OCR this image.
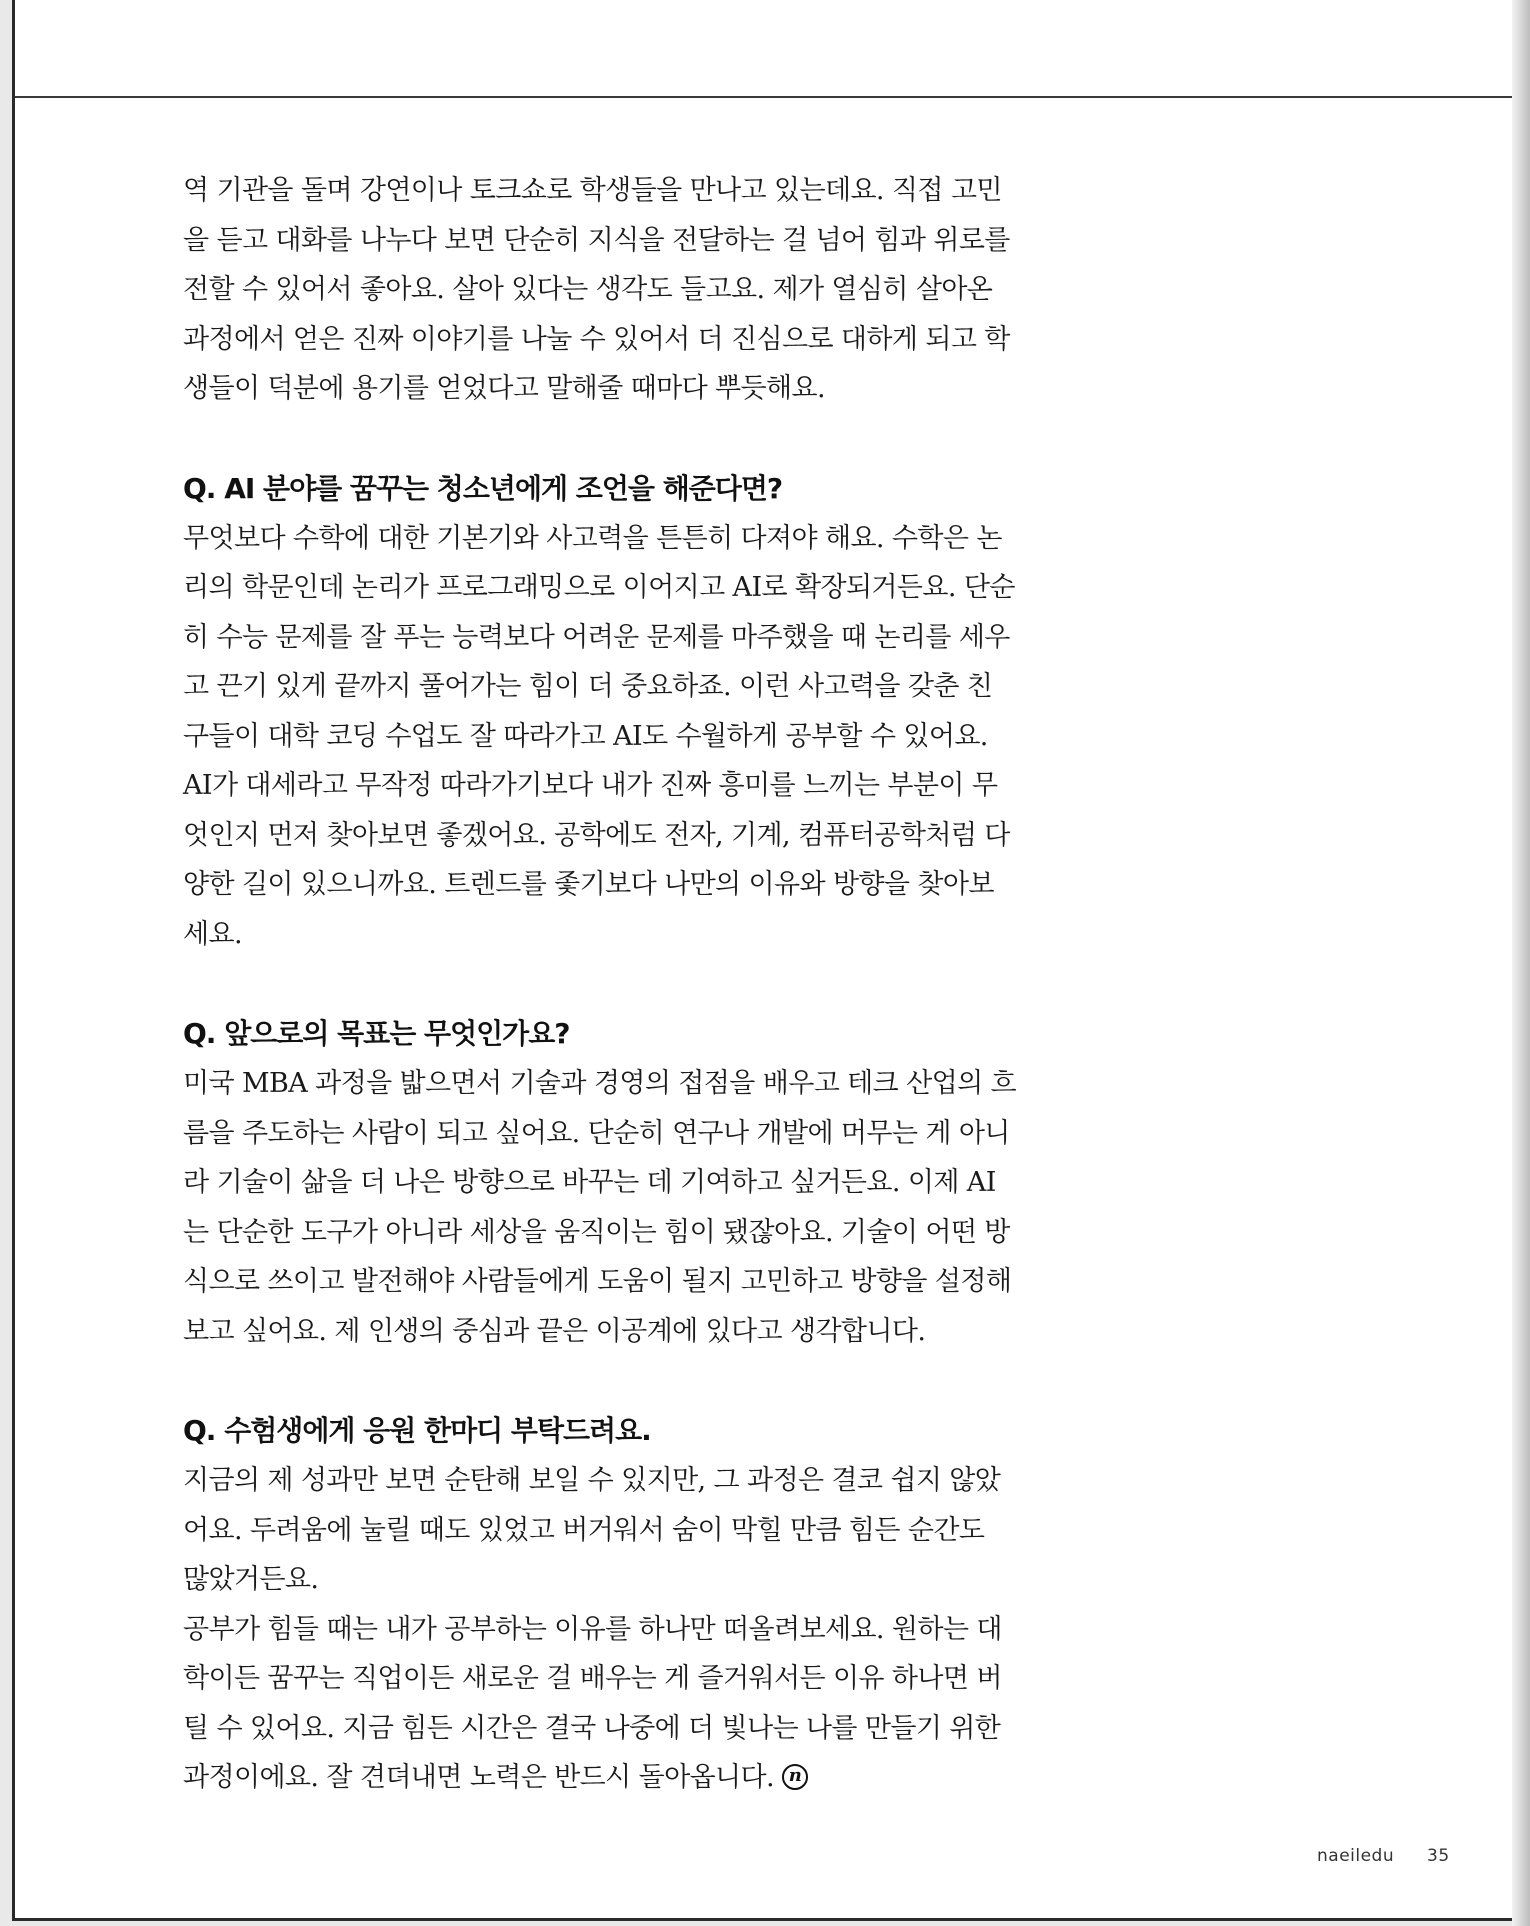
역 기관을 돌며 강연이나 토크쇼로 학생들을 만나고 있는데요. 직접 고민
을 듣고 대화를 나누다 보면 단순히 지식을 전달하는 걸 넘어 힘과 위로를
전할 수 있어서 좋아요. 살아 있다는 생각도 들고요. 제가 열심히 살아온
과정에서 얻은 진짜 이야기를 나눌 수 있어서 더 진심으로 대하게 되고 학
생들이 덕분에 용기를 얻었다고 말해줄 때마다 뿌듯해요.

Q. AI 분야를 꿈꾸는 청소년에게 조언을 해준다면?

무엇보다 수학에 대한 기본기와 사고력을 튼튼히 다져야 해요. 수학은 논
리의 학문인데 논리가 프로그래밍으로 이어지고 AI로 확장되거든요. 단순
히 수능 문제를 잘 푸는 능력보다 어려운 문제를 마주했을 때 논리를 세우
고 끈기 있게 끝까지 풀어가는 힘이 더 중요하죠. 이런 사고력을 갖춘 친
구들이 대학 코딩 수업도 잘 따라가고 AI도 수월하게 공부할 수 있어요.
AI가 대세라고 무작정 따라가기보다 내가 진짜 흥미를 느끼는 부분이 무
엇인지 먼저 찾아보면 좋겠어요. 공학에도 전자, 기계, 컴퓨터공학처럼 다
양한 길이 있으니까요. 트렌드를 좇기보다 나만의 이유와 방향을 찾아보
세요.

Q. 앞으로의 목표는 무엇인가요?

미국 MBA 과정을 밟으면서 기술과 경영의 접점을 배우고 테크 산업의 흐
름을 주도하는 사람이 되고 싶어요. 단순히 연구나 개발에 머무는 게 아니
라 기술이 삶을 더 나은 방향으로 바꾸는 데 기여하고 싶거든요. 이제 AI
는 단순한 도구가 아니라 세상을 움직이는 힘이 됐잖아요. 기술이 어떤 방
식으로 쓰이고 발전해야 사람들에게 도움이 될지 고민하고 방향을 설정해
보고 싶어요. 제 인생의 중심과 끝은 이공계에 있다고 생각합니다.

Q. 수험생에게 응원 한마디 부탁드려요.

지금의 제 성과만 보면 순탄해 보일 수 있지만, 그 과정은 결코 쉽지 않았
어요. 두려움에 눌릴 때도 있었고 버거워서 숨이 막힐 만큼 힘든 순간도
많았거든요.
공부가 힘들 때는 내가 공부하는 이유를 하나만 떠올려보세요. 원하는 대
학이든 꿈꾸는 직업이든 새로운 걸 배우는 게 즐거워서든 이유 하나면 버
틸 수 있어요. 지금 힘든 시간은 결국 나중에 더 빛나는 나를 만들기 위한
과정이에요. 잘 견뎌내면 노력은 반드시 돌아옵니다. n

naeiledu 35
